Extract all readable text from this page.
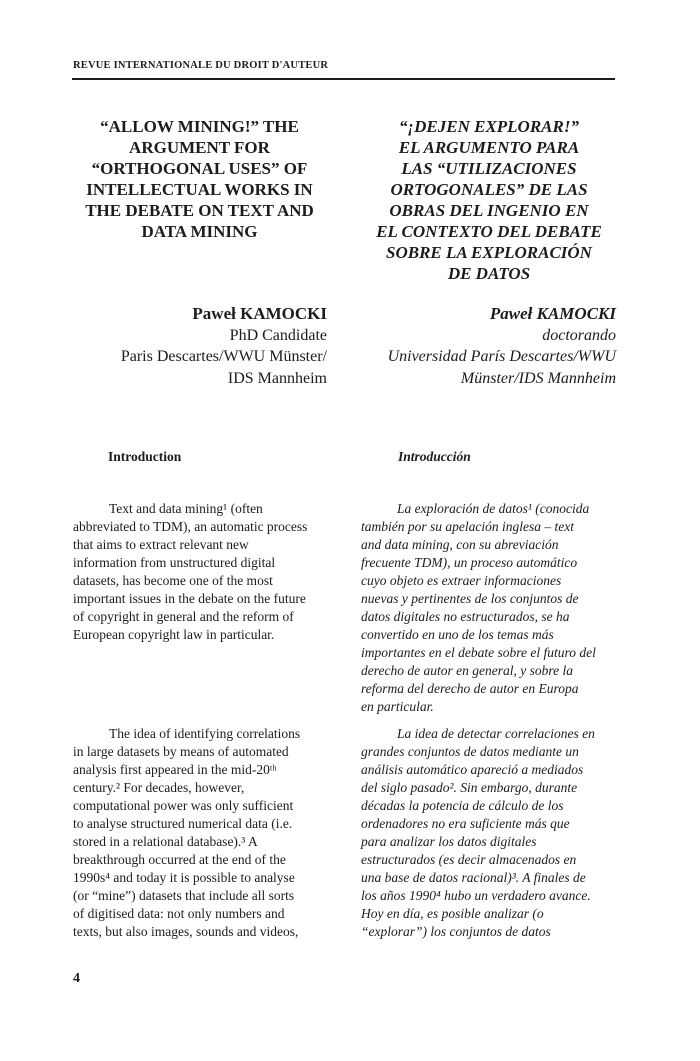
REVUE INTERNATIONALE DU DROIT D'AUTEUR
“ALLOW MINING!” THE
ARGUMENT FOR
“ORTHOGONAL USES” OF
INTELLECTUAL WORKS IN
THE DEBATE ON TEXT AND
DATA MINING
“¡DEJEN EXPLORAR!”
EL ARGUMENTO PARA
LAS “UTILIZACIONES
ORTOGONALES” DE LAS
OBRAS DEL INGENIO EN
EL CONTEXTO DEL DEBATE
SOBRE LA EXPLORACIÓN
DE DATOS
Paweł KAMOCKI
PhD Candidate
Paris Descartes/WWU Münster/
IDS Mannheim
Paweł KAMOCKI
doctorando
Universidad París Descartes/WWU
Münster/IDS Mannheim
Introduction	Introducción
Text and data mining¹ (often
abbreviated to TDM), an automatic process
that aims to extract relevant new
information from unstructured digital
datasets, has become one of the most
important issues in the debate on the future
of copyright in general and the reform of
European copyright law in particular.
La exploración de datos¹ (conocida
también por su apelación inglesa – text
and data mining, con su abreviación
frecuente TDM), un proceso automático
cuyo objeto es extraer informaciones
nuevas y pertinentes de los conjuntos de
datos digitales no estructurados, se ha
convertido en uno de los temas más
importantes en el debate sobre el futuro del
derecho de autor en general, y sobre la
reforma del derecho de autor en Europa
en particular.
The idea of identifying correlations
in large datasets by means of automated
analysis first appeared in the mid-20ᵗʰ
century.² For decades, however,
computational power was only sufficient
to analyse structured numerical data (i.e.
stored in a relational database).³ A
breakthrough occurred at the end of the
1990s⁴ and today it is possible to analyse
(or “mine”) datasets that include all sorts
of digitised data: not only numbers and
texts, but also images, sounds and videos,
La idea de detectar correlaciones en
grandes conjuntos de datos mediante un
análisis automático apareció a mediados
del siglo pasado². Sin embargo, durante
décadas la potencia de cálculo de los
ordenadores no era suficiente más que
para analizar los datos digitales
estructurados (es decir almacenados en
una base de datos racional)³. A finales de
los años 1990⁴ hubo un verdadero avance.
Hoy en día, es posible analizar (o
“explorar”) los conjuntos de datos
4
